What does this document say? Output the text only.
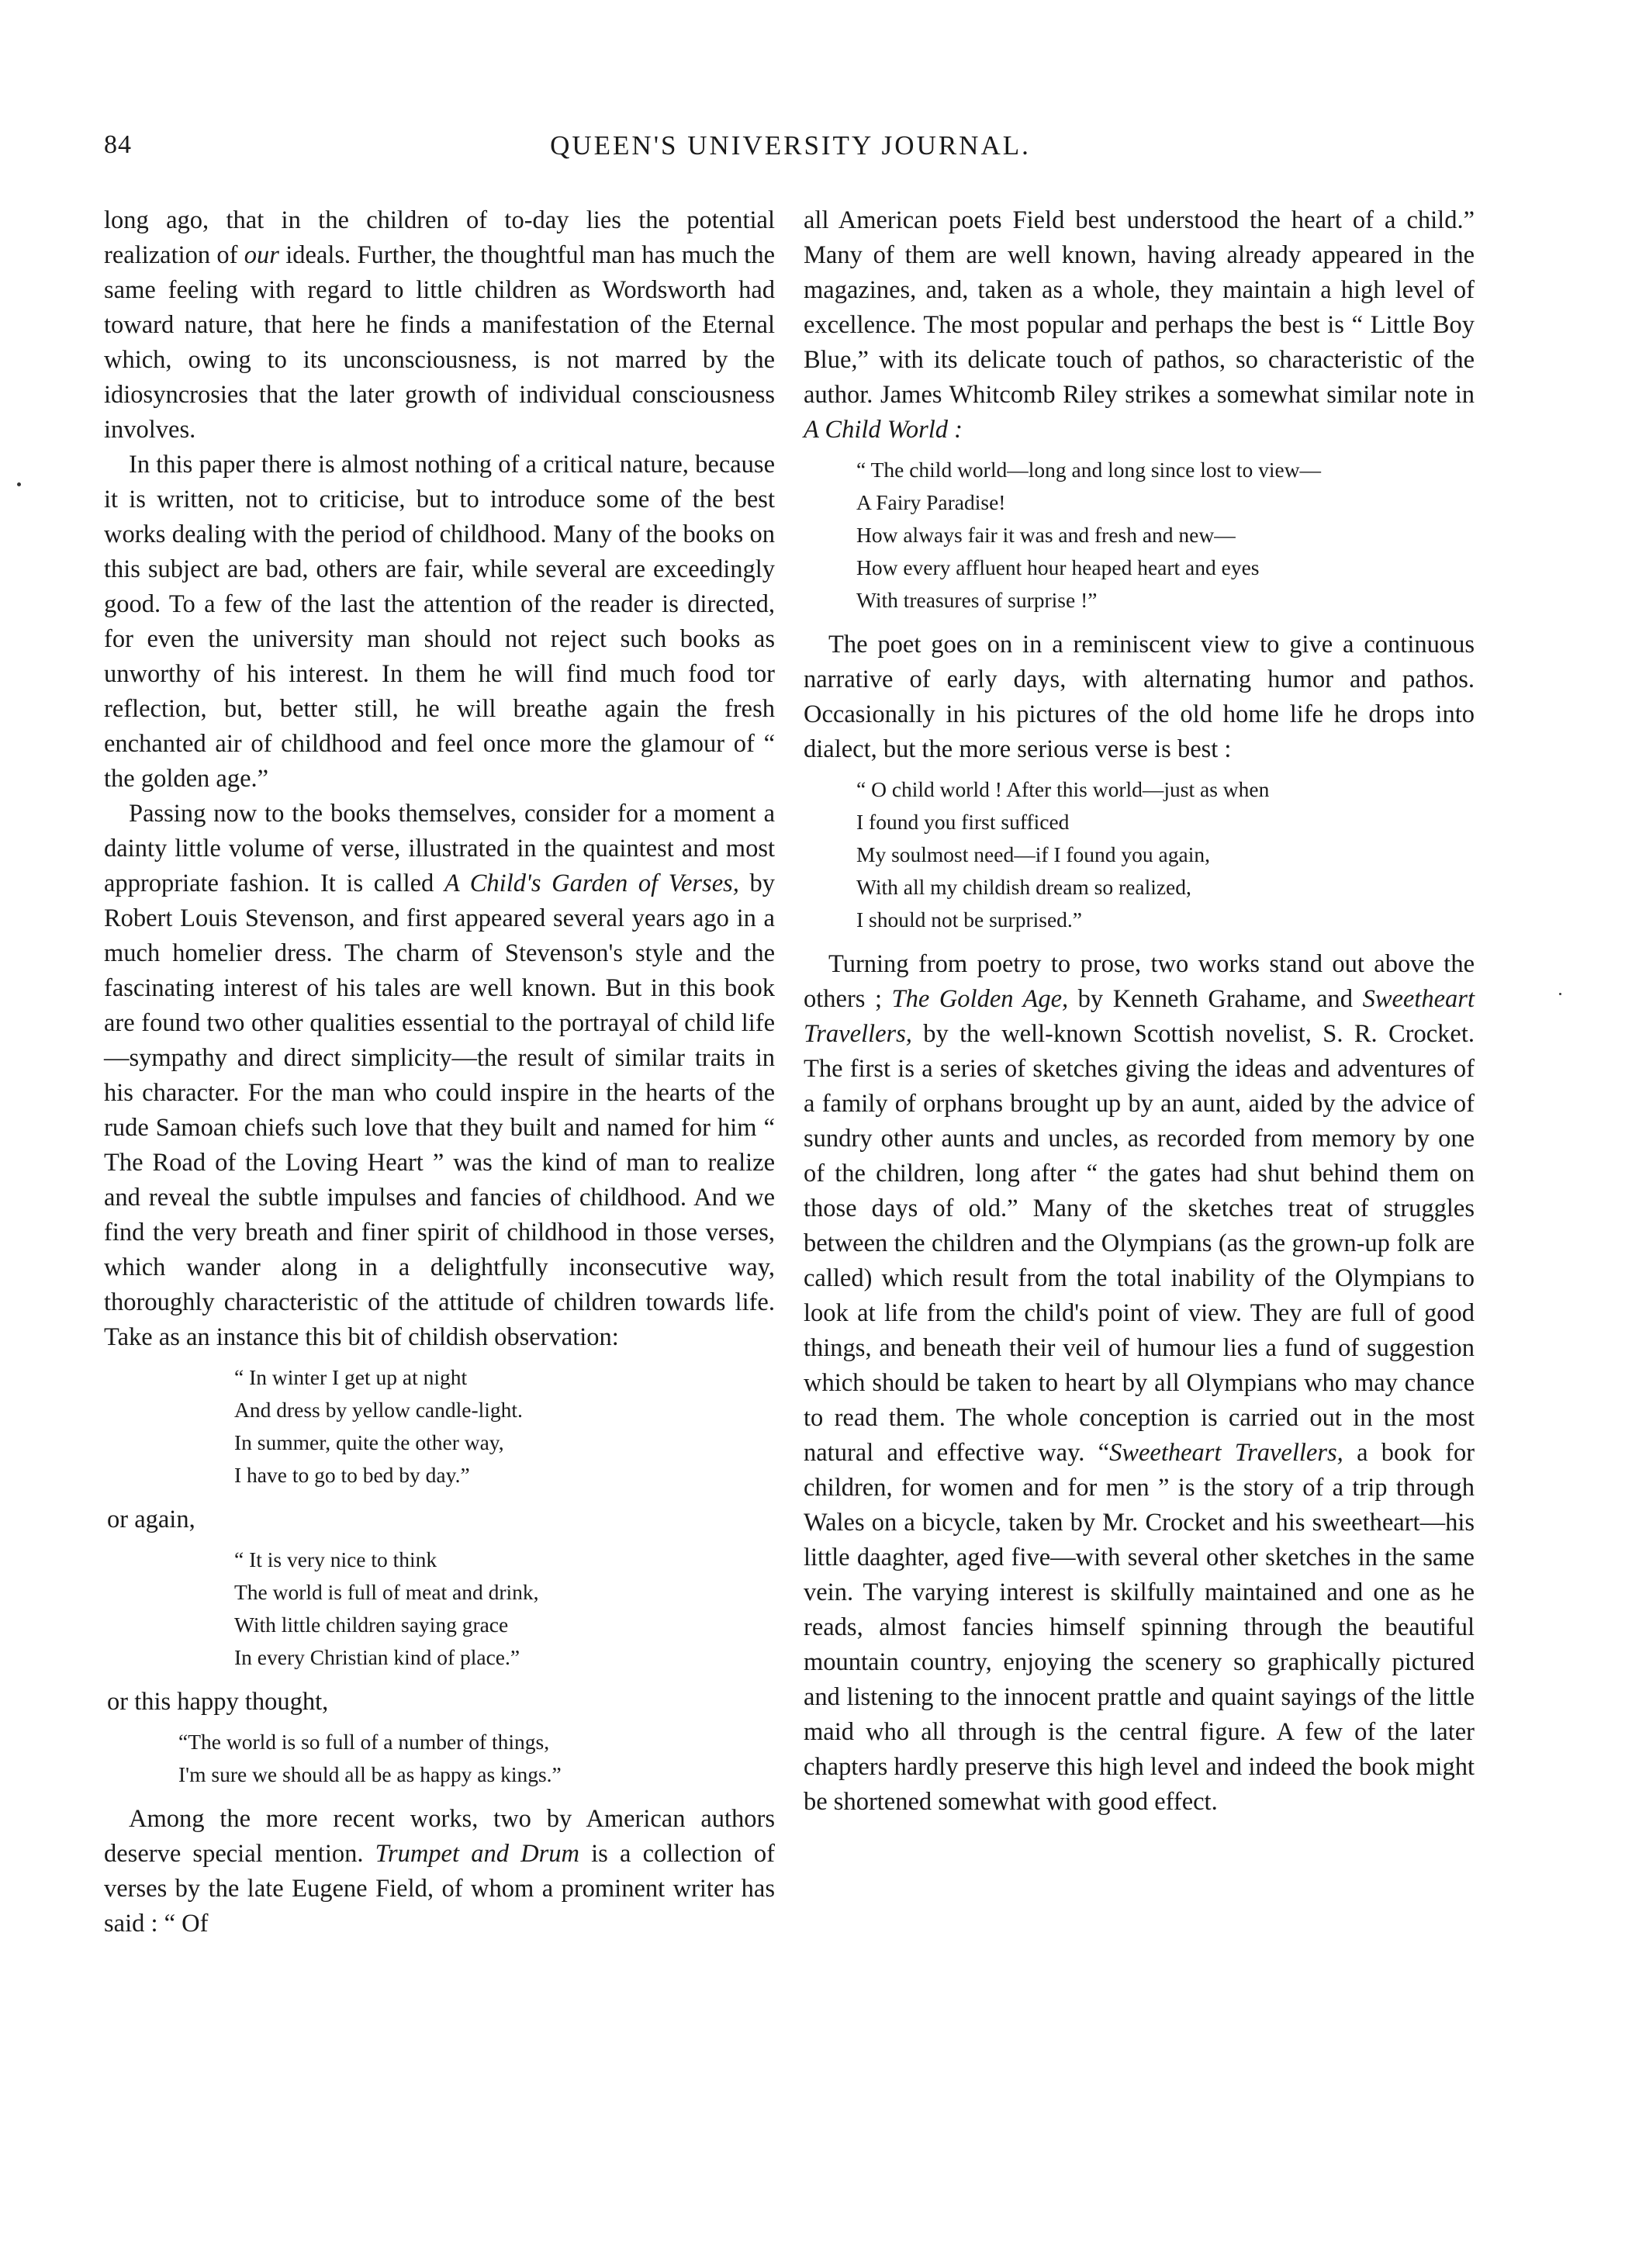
84	QUEEN'S UNIVERSITY JOURNAL.

long ago, that in the children of to-day lies the potential realization of our ideals. Further, the thoughtful man has much the same feeling with regard to little children as Wordsworth had toward nature, that here he finds a manifestation of the Eternal which, owing to its unconsciousness, is not marred by the idiosyncrosies that the later growth of individual consciousness involves.

In this paper there is almost nothing of a critical nature, because it is written, not to criticise, but to introduce some of the best works dealing with the period of childhood. Many of the books on this subject are bad, others are fair, while several are exceedingly good. To a few of the last the attention of the reader is directed, for even the university man should not reject such books as unworthy of his interest. In them he will find much food tor reflection, but, better still, he will breathe again the fresh enchanted air of childhood and feel once more the glamour of “ the golden age.”

Passing now to the books themselves, consider for a moment a dainty little volume of verse, illustrated in the quaintest and most appropriate fashion. It is called A Child's Garden of Verses, by Robert Louis Stevenson, and first appeared several years ago in a much homelier dress. The charm of Stevenson's style and the fascinating interest of his tales are well known. But in this book are found two other qualities essential to the portrayal of child life—sympathy and direct simplicity—the result of similar traits in his character. For the man who could inspire in the hearts of the rude Samoan chiefs such love that they built and named for him “ The Road of the Loving Heart ” was the kind of man to realize and reveal the subtle impulses and fancies of childhood. And we find the very breath and finer spirit of childhood in those verses, which wander along in a delightfully inconsecutive way, thoroughly characteristic of the attitude of children towards life. Take as an instance this bit of childish observation:

“ In winter I get up at night
And dress by yellow candle-light.
In summer, quite the other way,
I have to go to bed by day.”

or again,

“ It is very nice to think
The world is full of meat and drink,
With little children saying grace
In every Christian kind of place.”

or this happy thought,

“The world is so full of a number of things,
I'm sure we should all be as happy as kings.”

Among the more recent works, two by American authors deserve special mention. Trumpet and Drum is a collection of verses by the late Eugene Field, of whom a prominent writer has said : “ Of

all American poets Field best understood the heart of a child.” Many of them are well known, having already appeared in the magazines, and, taken as a whole, they maintain a high level of excellence. The most popular and perhaps the best is “ Little Boy Blue,” with its delicate touch of pathos, so characteristic of the author. James Whitcomb Riley strikes a somewhat similar note in A Child World :

“ The child world—long and long since lost to view—
A Fairy Paradise!
How always fair it was and fresh and new—
How every affluent hour heaped heart and eyes
With treasures of surprise !”

The poet goes on in a reminiscent view to give a continuous narrative of early days, with alternating humor and pathos. Occasionally in his pictures of the old home life he drops into dialect, but the more serious verse is best :

“ O child world ! After this world—just as when
I found you first sufficed
My soulmost need—if I found you again,
With all my childish dream so realized,
I should not be surprised.”

Turning from poetry to prose, two works stand out above the others ; The Golden Age, by Kenneth Grahame, and Sweetheart Travellers, by the well-known Scottish novelist, S. R. Crocket. The first is a series of sketches giving the ideas and adventures of a family of orphans brought up by an aunt, aided by the advice of sundry other aunts and uncles, as recorded from memory by one of the children, long after “ the gates had shut behind them on those days of old.” Many of the sketches treat of struggles between the children and the Olympians (as the grown-up folk are called) which result from the total inability of the Olympians to look at life from the child's point of view. They are full of good things, and beneath their veil of humour lies a fund of suggestion which should be taken to heart by all Olympians who may chance to read them. The whole conception is carried out in the most natural and effective way. “Sweetheart Travellers, a book for children, for women and for men ” is the story of a trip through Wales on a bicycle, taken by Mr. Crocket and his sweetheart—his little daaghter, aged five—with several other sketches in the same vein. The varying interest is skilfully maintained and one as he reads, almost fancies himself spinning through the beautiful mountain country, enjoying the scenery so graphically pictured and listening to the innocent prattle and quaint sayings of the little maid who all through is the central figure. A few of the later chapters hardly preserve this high level and indeed the book might be shortened somewhat with good effect.
